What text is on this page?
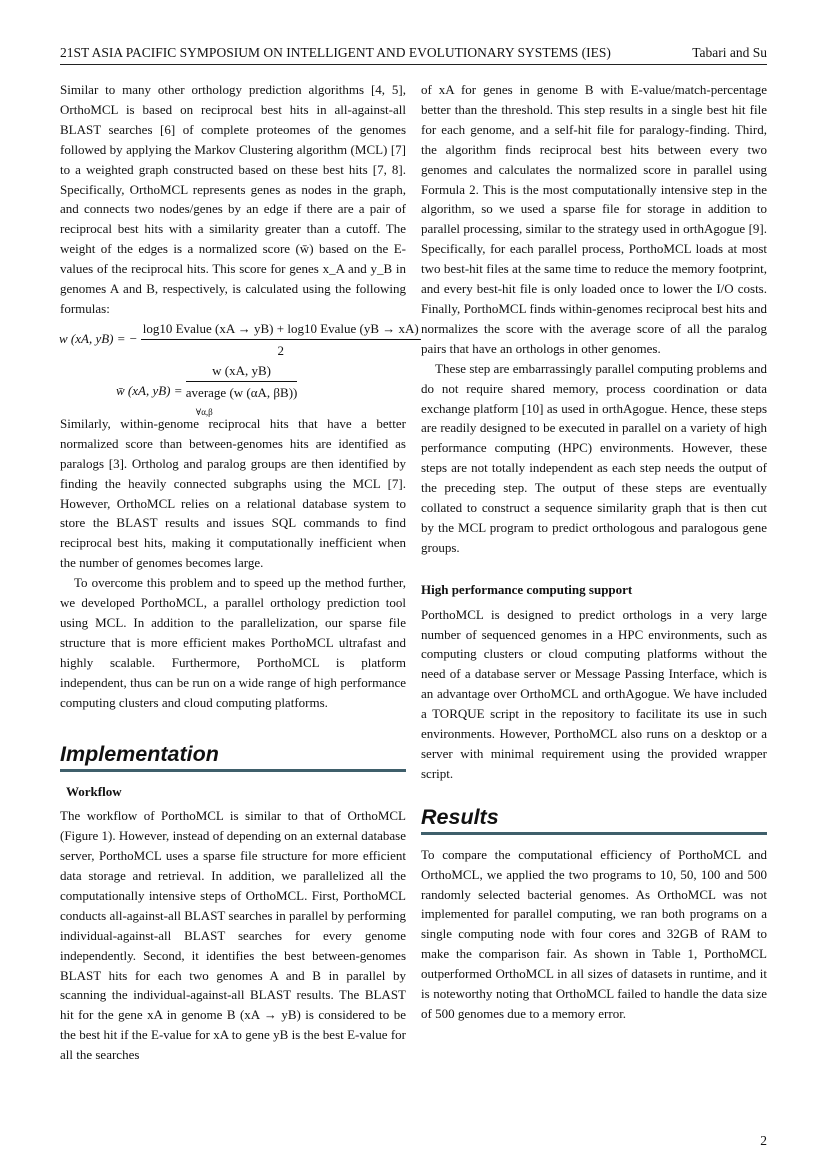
21ST ASIA PACIFIC SYMPOSIUM ON INTELLIGENT AND EVOLUTIONARY SYSTEMS (IES)	Tabari and Su

Similar to many other orthology prediction algorithms [4, 5], OrthoMCL is based on reciprocal best hits in all-against-all BLAST searches [6] of complete proteomes of the genomes followed by applying the Markov Clustering algorithm (MCL) [7] to a weighted graph constructed based on these best hits [7, 8]. Specifically, OrthoMCL represents genes as nodes in the graph, and connects two nodes/genes by an edge if there are a pair of reciprocal best hits with a similarity greater than a cutoff. The weight of the edges is a normalized score (w̄) based on the E-values of the reciprocal hits. This score for genes x_A and y_B in genomes A and B, respectively, is calculated using the following formulas:

w (xA, yB) = − $\frac{\text{log10 Evalue (xA → yB) + log10 Evalue (yB → xA)}}{2}$
w̄ (xA, yB) =
w (xA, yB)
average (w (αA, βB))
∀α,β

Similarly, within-genome reciprocal hits that have a better normalized score than between-genomes hits are identified as paralogs [3]. Ortholog and paralog groups are then identified by finding the heavily connected subgraphs using the MCL [7]. However, OrthoMCL relies on a relational database system to store the BLAST results and issues SQL commands to find reciprocal best hits, making it computationally inefficient when the number of genomes becomes large.

To overcome this problem and to speed up the method further, we developed PorthoMCL, a parallel orthology prediction tool using MCL. In addition to the parallelization, our sparse file structure that is more efficient makes PorthoMCL ultrafast and highly scalable. Furthermore, PorthoMCL is platform independent, thus can be run on a wide range of high performance computing clusters and cloud computing platforms.

Implementation

Workflow

The workflow of PorthoMCL is similar to that of OrthoMCL (Figure 1). However, instead of depending on an external database server, PorthoMCL uses a sparse file structure for more efficient data storage and retrieval. In addition, we parallelized all the computationally intensive steps of OrthoMCL. First, PorthoMCL conducts all-against-all BLAST searches in parallel by performing individual-against-all BLAST searches for every genome independently. Second, it identifies the best between-genomes BLAST hits for each two genomes A and B in parallel by scanning the individual-against-all BLAST results. The BLAST hit for the gene xA in genome B (xA → yB) is considered to be the best hit if the E-value for xA to gene yB is the best E-value for all the searches

of xA for genes in genome B with E-value/match-percentage better than the threshold. This step results in a single best hit file for each genome, and a self-hit file for paralogy-finding. Third, the algorithm finds reciprocal best hits between every two genomes and calculates the normalized score in parallel using Formula 2. This is the most computationally intensive step in the algorithm, so we used a sparse file for storage in addition to parallel processing, similar to the strategy used in orthAgogue [9]. Specifically, for each parallel process, PorthoMCL loads at most two best-hit files at the same time to reduce the memory footprint, and every best-hit file is only loaded once to lower the I/O costs. Finally, PorthoMCL finds within-genomes reciprocal best hits and normalizes the score with the average score of all the paralog pairs that have an orthologs in other genomes.

These step are embarrassingly parallel computing problems and do not require shared memory, process coordination or data exchange platform [10] as used in orthAgogue. Hence, these steps are readily designed to be executed in parallel on a variety of high performance computing (HPC) environments. However, these steps are not totally independent as each step needs the output of the preceding step. The output of these steps are eventually collated to construct a sequence similarity graph that is then cut by the MCL program to predict orthologous and paralogous gene groups.

High performance computing support

PorthoMCL is designed to predict orthologs in a very large number of sequenced genomes in a HPC environments, such as computing clusters or cloud computing platforms without the need of a database server or Message Passing Interface, which is an advantage over OrthoMCL and orthAgogue. We have included a TORQUE script in the repository to facilitate its use in such environments. However, PorthoMCL also runs on a desktop or a server with minimal requirement using the provided wrapper script.

Results

To compare the computational efficiency of PorthoMCL and OrthoMCL, we applied the two programs to 10, 50, 100 and 500 randomly selected bacterial genomes. As OrthoMCL was not implemented for parallel computing, we ran both programs on a single computing node with four cores and 32GB of RAM to make the comparison fair. As shown in Table 1, PorthoMCL outperformed OrthoMCL in all sizes of datasets in runtime, and it is noteworthy noting that OrthoMCL failed to handle the data size of 500 genomes due to a memory error.

2
